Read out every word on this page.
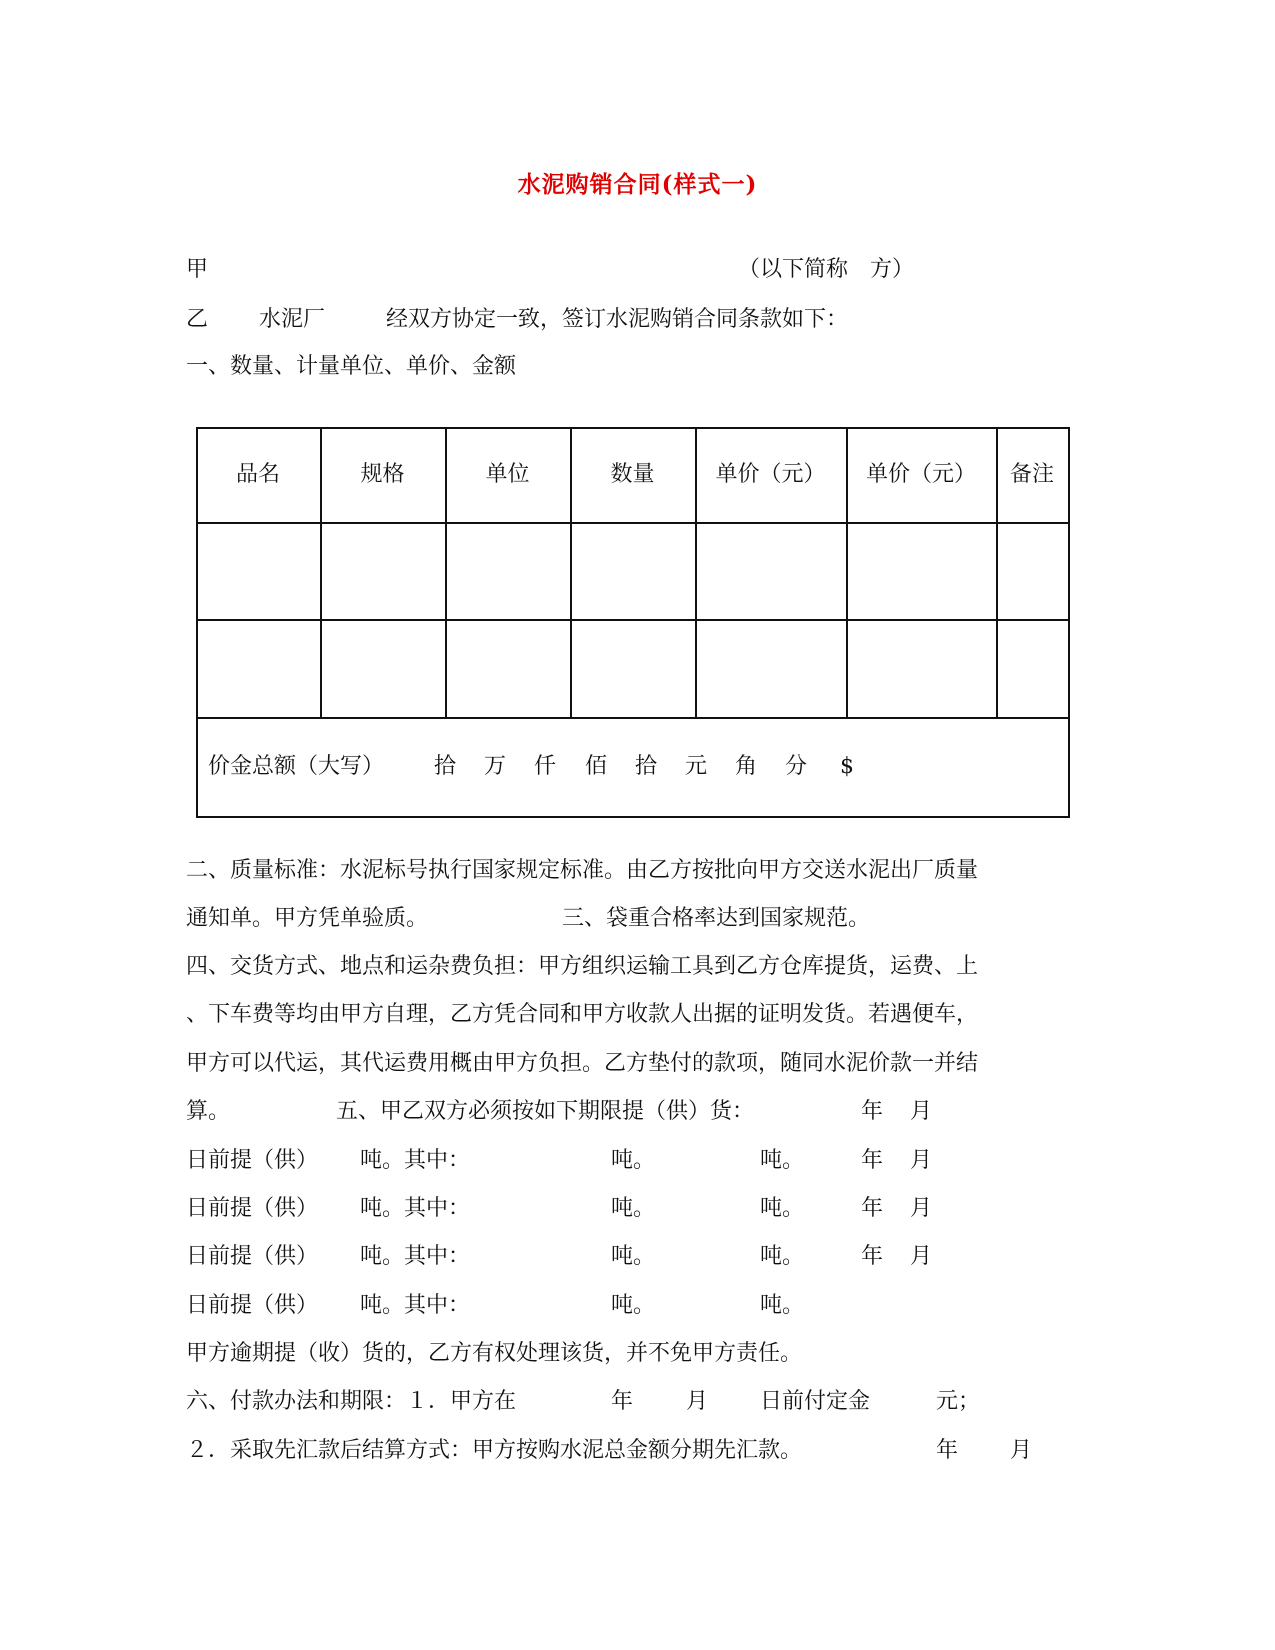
水泥购销合同(样式一)
甲	（以下简称　方）
乙 水泥厂	经双方协定一致，签订水泥购销合同条款如下：
一、数量、计量单位、单价、金额
品名	规格	单位	数量	单价（元）	单价（元）	备注
价金总额（大写） 拾 万 仟 佰 拾 元 角 分 $
二、质量标准：水泥标号执行国家规定标准。由乙方按批向甲方交送水泥出厂质量
通知单。甲方凭单验质。	三、袋重合格率达到国家规范。
四、交货方式、地点和运杂费负担：甲方组织运输工具到乙方仓库提货，运费、上
、下车费等均由甲方自理，乙方凭合同和甲方收款人出据的证明发货。若遇便车，
甲方可以代运，其代运费用概由甲方负担。乙方垫付的款项，随同水泥价款一并结
算。	五、甲乙双方必须按如下期限提（供）货：	年 月
日前提（供） 吨。其中：	吨。	吨。	年 月
日前提（供） 吨。其中：	吨。	吨。	年 月
日前提（供） 吨。其中：	吨。	吨。	年 月
日前提（供） 吨。其中：	吨。	吨。
甲方逾期提（收）货的，乙方有权处理该货，并不免甲方责任。
六、付款办法和期限：１．甲方在	年 月 日前付定金	元；
２．采取先汇款后结算方式：甲方按购水泥总金额分期先汇款。	年 月
